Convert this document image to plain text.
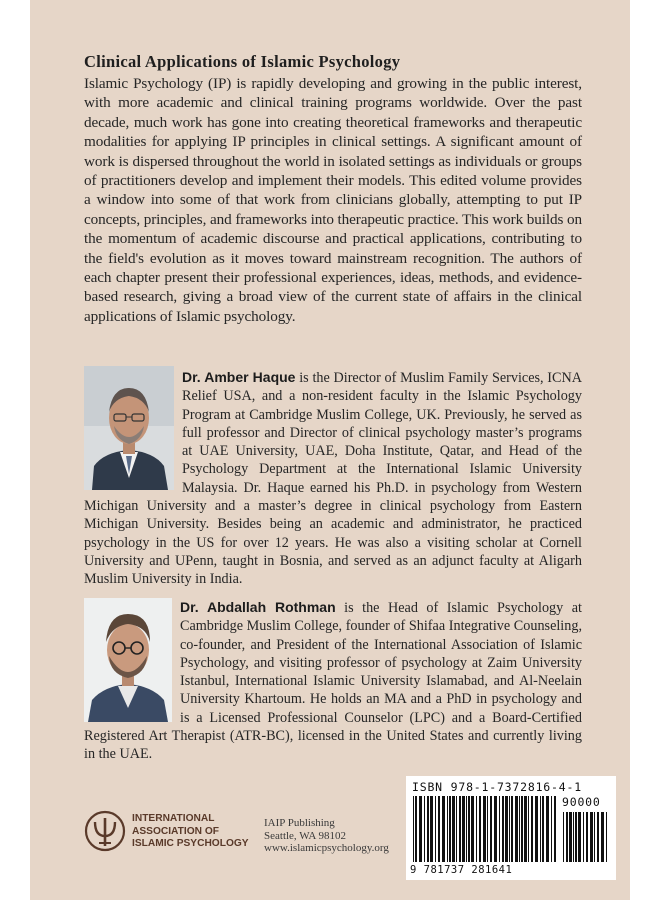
Clinical Applications of Islamic Psychology

Islamic Psychology (IP) is rapidly developing and growing in the public interest, with more academic and clinical training programs worldwide. Over the past decade, much work has gone into creating theoretical frameworks and therapeutic modalities for applying IP principles in clinical settings. A significant amount of work is dispersed throughout the world in isolated settings as individuals or groups of practitioners develop and implement their models. This edited volume provides a window into some of that work from clinicians globally, attempting to put IP concepts, principles, and frameworks into therapeutic practice. This work builds on the momentum of academic discourse and practical applications, contributing to the field's evolution as it moves toward mainstream recognition. The authors of each chapter present their professional experiences, ideas, methods, and evidence-based research, giving a broad view of the current state of affairs in the clinical applications of Islamic psychology.

Dr. Amber Haque is the Director of Muslim Family Services, ICNA Relief USA, and a non-resident faculty in the Islamic Psychology Program at Cambridge Muslim College, UK. Previously, he served as full professor and Director of clinical psychology master’s programs at UAE University, UAE, Doha Institute, Qatar, and Head of the Psychology Department at the International Islamic University Malaysia. Dr. Haque earned his Ph.D. in psychology from Western Michigan University and a master’s degree in clinical psychology from Eastern Michigan University. Besides being an academic and administrator, he practiced psychology in the US for over 12 years. He was also a visiting scholar at Cornell University and UPenn, taught in Bosnia, and served as an adjunct faculty at Aligarh Muslim University in India.
Dr. Abdallah Rothman is the Head of Islamic Psychology at Cambridge Muslim College, founder of Shifaa Integrative Counseling, co-founder, and President of the International Association of Islamic Psychology, and visiting professor of psychology at Zaim University Istanbul, International Islamic University Islamabad, and Al-Neelain University Khartoum. He holds an MA and a PhD in psychology and is a Licensed Professional Counselor (LPC) and a Board-Certified Registered Art Therapist (ATR-BC), licensed in the United States and currently living in the UAE.
INTERNATIONAL
ASSOCIATION OF
ISLAMIC PSYCHOLOGY
IAIP Publishing
Seattle, WA 98102
www.islamicpsychology.org
ISBN 978-1-7372816-4-1
90000
9 781737 281641
